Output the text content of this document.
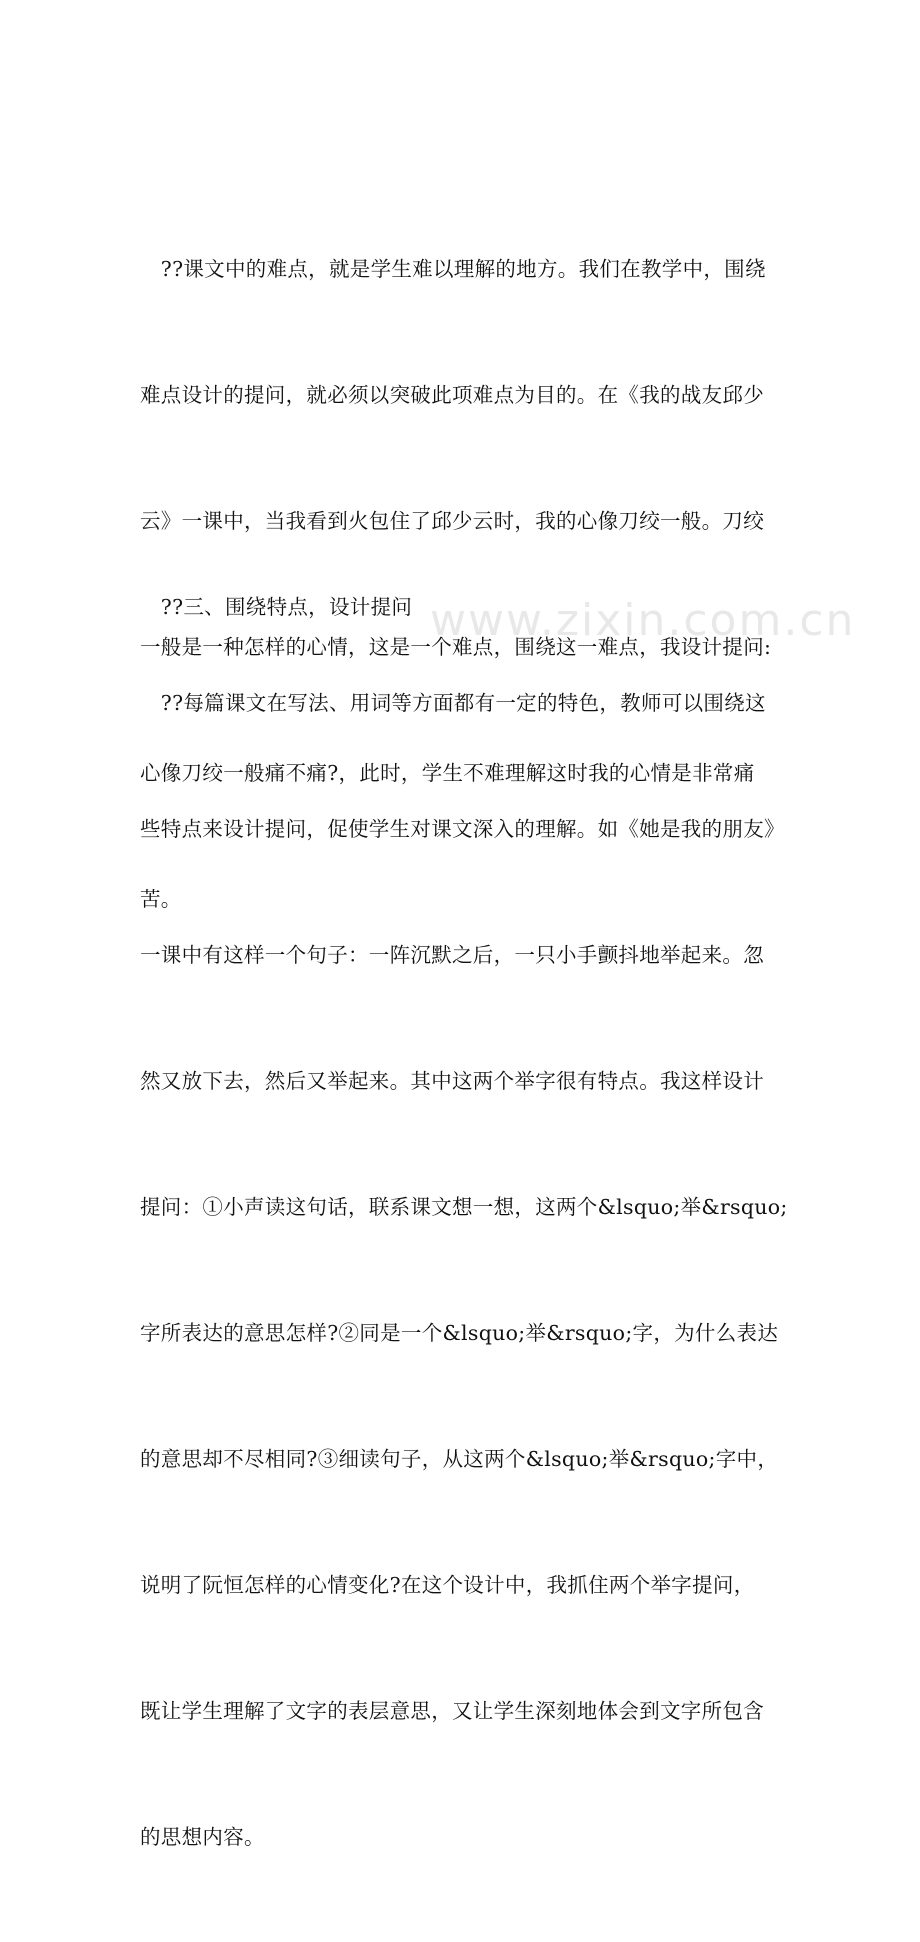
www.zixin.com.cn

　??课文中的难点，就是学生难以理解的地方。我们在教学中，围绕

难点设计的提问，就必须以突破此项难点为目的。在《我的战友邱少

云》一课中，当我看到火包住了邱少云时，我的心像刀绞一般。刀绞

一般是一种怎样的心情，这是一个难点，围绕这一难点，我设计提问:

心像刀绞一般痛不痛?，此时，学生不难理解这时我的心情是非常痛

苦。

　??三、围绕特点，设计提问

　??每篇课文在写法、用词等方面都有一定的特色，教师可以围绕这

些特点来设计提问，促使学生对课文深入的理解。如《她是我的朋友》

一课中有这样一个句子：一阵沉默之后，一只小手颤抖地举起来。忽

然又放下去，然后又举起来。其中这两个举字很有特点。我这样设计

提问：①小声读这句话，联系课文想一想，这两个&lsquo;举&rsquo;

字所表达的意思怎样?②同是一个&lsquo;举&rsquo;字，为什么表达

的意思却不尽相同?③细读句子，从这两个&lsquo;举&rsquo;字中，

说明了阮恒怎样的心情变化?在这个设计中，我抓住两个举字提问，

既让学生理解了文字的表层意思，又让学生深刻地体会到文字所包含

的思想内容。
